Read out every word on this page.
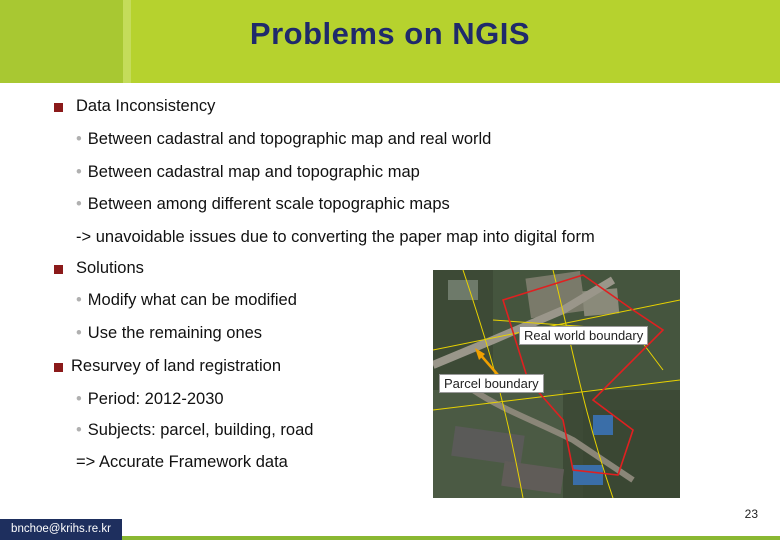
Problems on NGIS
Data Inconsistency
• Between cadastral and topographic map and real world
• Between cadastral map and topographic map
• Between among different scale topographic maps
-> unavoidable issues due to converting the paper map into digital form
Solutions
• Modify what can be modified
• Use the remaining ones
Resurvey of land registration
• Period: 2012-2030
• Subjects: parcel, building, road
=> Accurate Framework data
Real world boundary
Parcel boundary
23
bnchoe@krihs.re.kr
